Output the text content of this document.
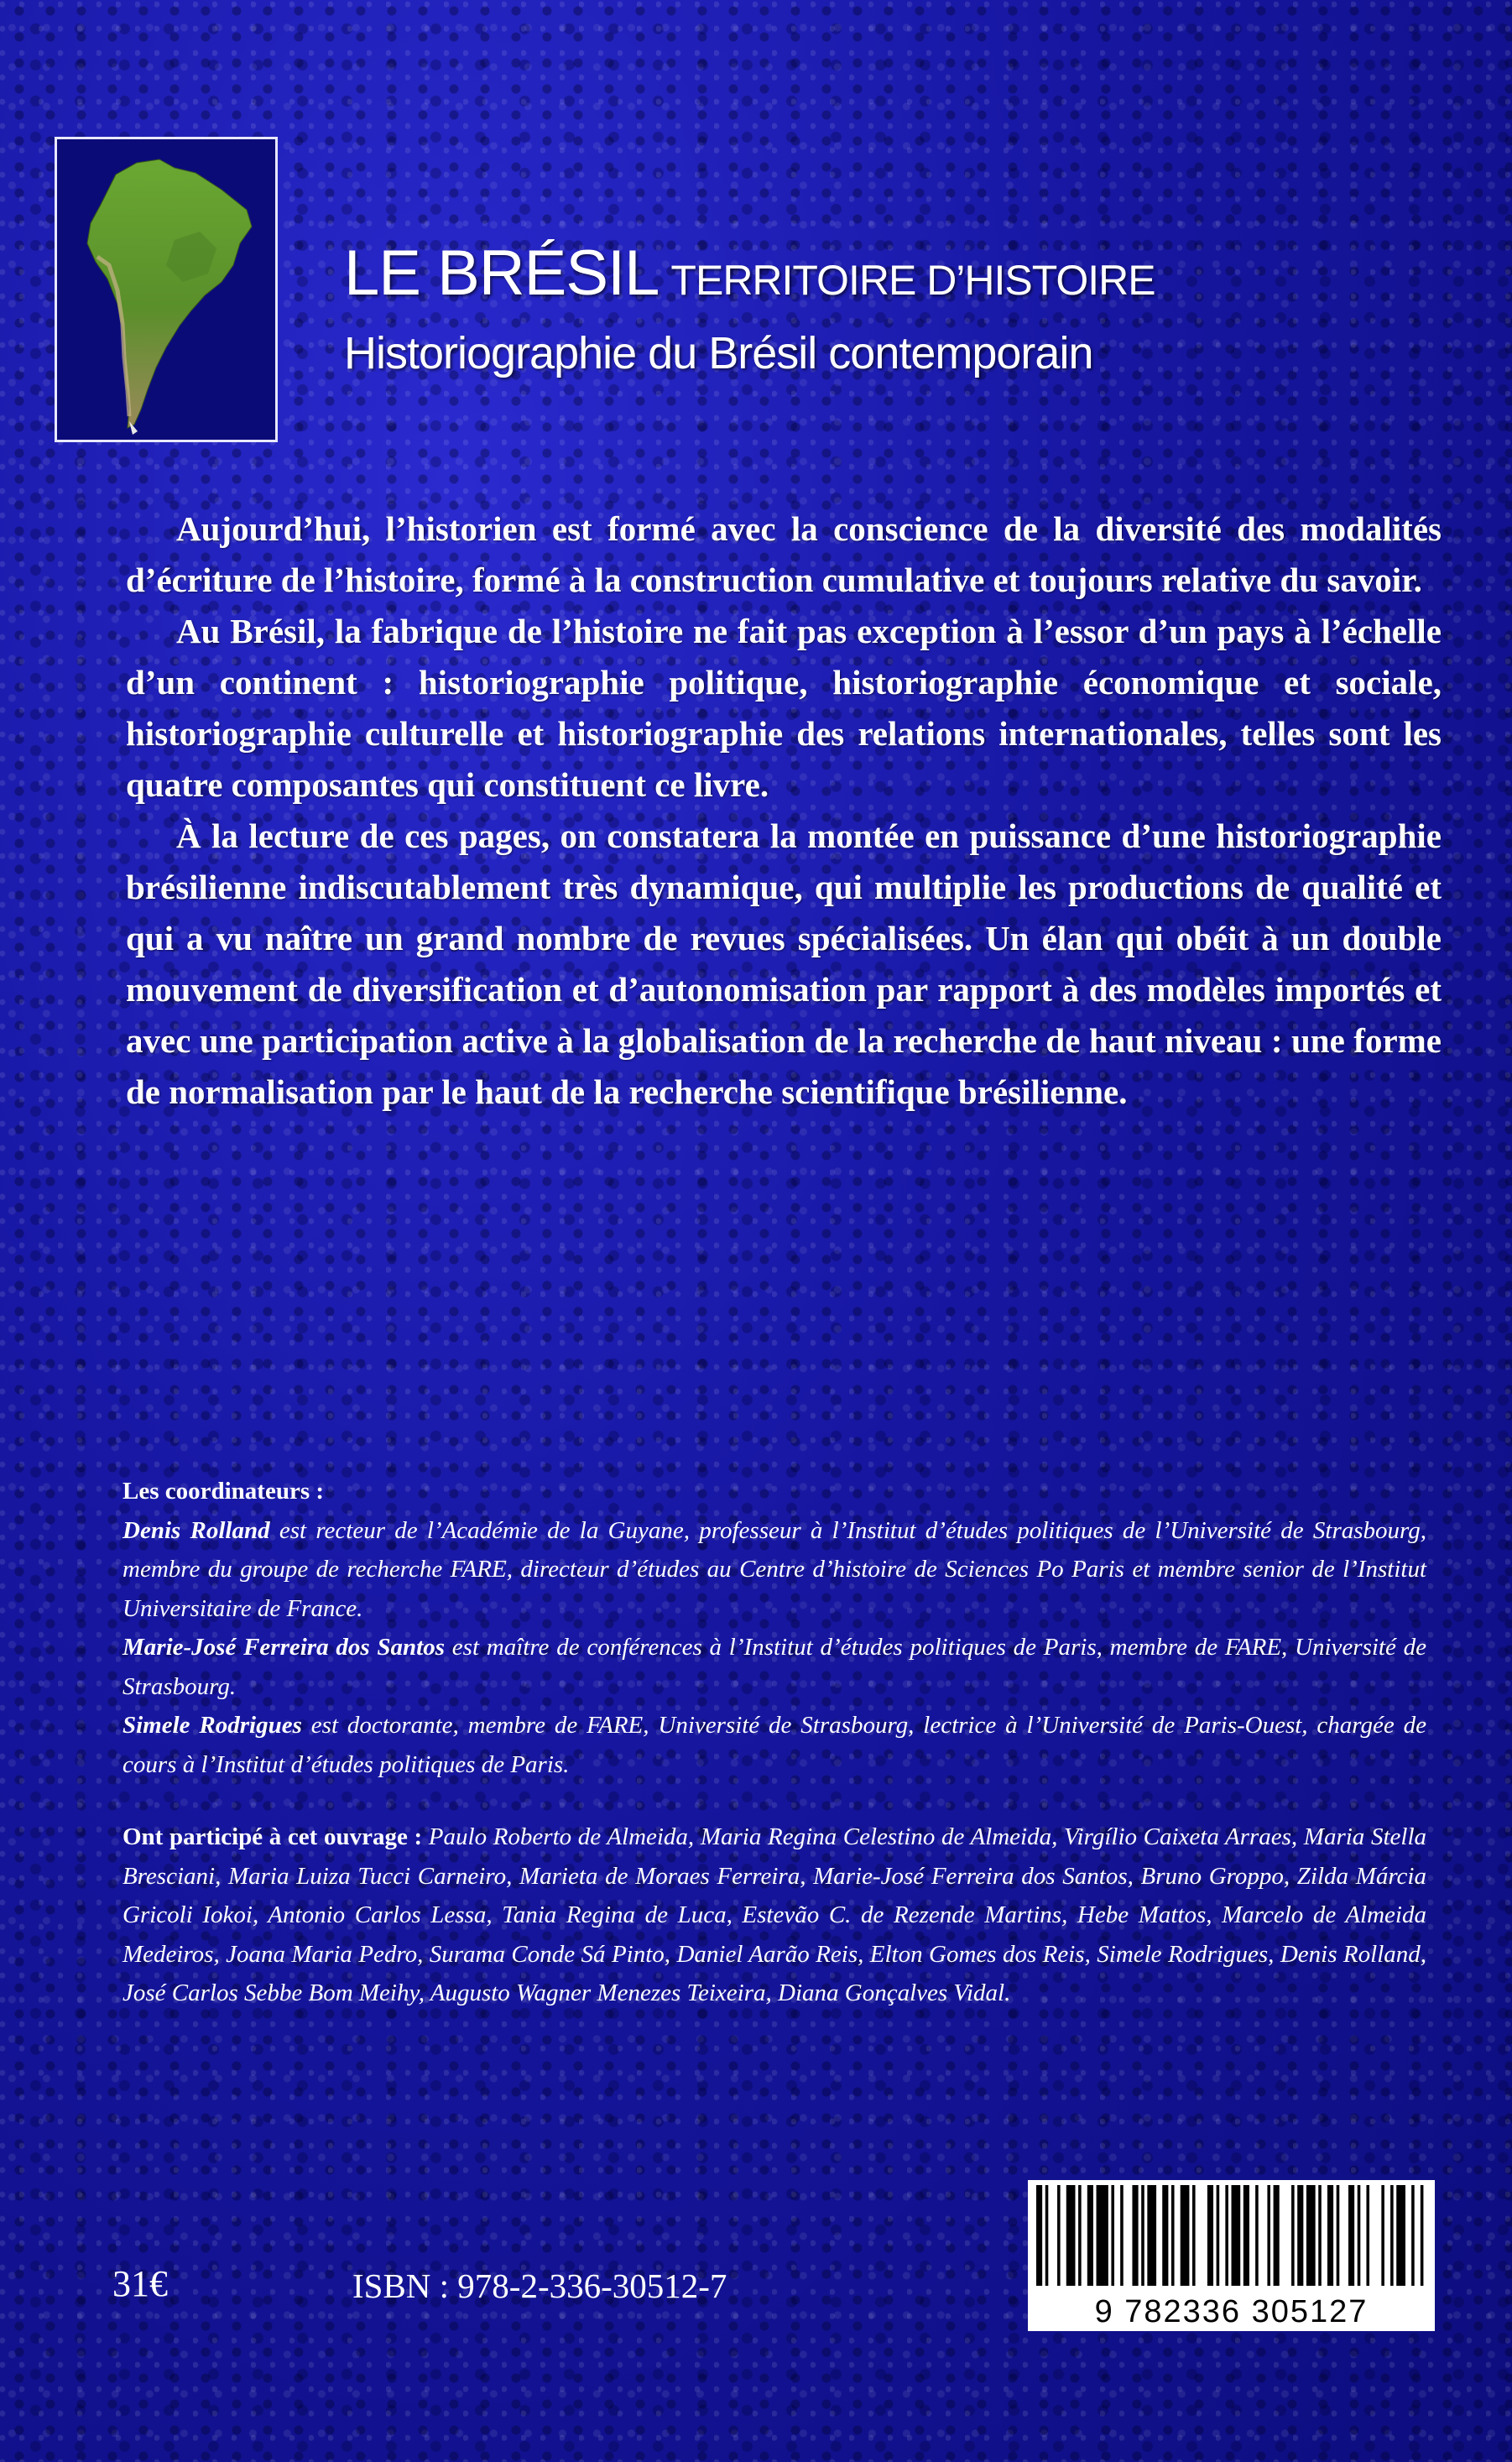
LE BRÉSIL TERRITOIRE D’HISTOIRE
Historiographie du Brésil contemporain

Aujourd’hui, l’historien est formé avec la conscience de la diversité des modalités d’écriture de l’histoire, formé à la construction cumulative et toujours relative du savoir.

Au Brésil, la fabrique de l’histoire ne fait pas exception à l’essor d’un pays à l’échelle d’un continent : historiographie politique, historiographie économique et sociale, historiographie culturelle et historiographie des relations internationales, telles sont les quatre composantes qui constituent ce livre.

À la lecture de ces pages, on constatera la montée en puissance d’une historiographie brésilienne indiscutablement très dynamique, qui multiplie les productions de qualité et qui a vu naître un grand nombre de revues spécialisées. Un élan qui obéit à un double mouvement de diversification et d’autonomisation par rapport à des modèles importés et avec une participation active à la globalisation de la recherche de haut niveau : une forme de normalisation par le haut de la recherche scientifique brésilienne.

Les coordinateurs :

Denis Rolland est recteur de l’Académie de la Guyane, professeur à l’Institut d’études politiques de l’Université de Strasbourg, membre du groupe de recherche FARE, directeur d’études au Centre d’histoire de Sciences Po Paris et membre senior de l’Institut Universitaire de France.

Marie-José Ferreira dos Santos est maître de conférences à l’Institut d’études politiques de Paris, membre de FARE, Université de Strasbourg.

Simele Rodrigues est doctorante, membre de FARE, Université de Strasbourg, lectrice à l’Université de Paris-Ouest, chargée de cours à l’Institut d’études politiques de Paris.

Ont participé à cet ouvrage : Paulo Roberto de Almeida, Maria Regina Celestino de Almeida, Virgílio Caixeta Arraes, Maria Stella Bresciani, Maria Luiza Tucci Carneiro, Marieta de Moraes Ferreira, Marie-José Ferreira dos Santos, Bruno Groppo, Zilda Márcia Gricoli Iokoi, Antonio Carlos Lessa, Tania Regina de Luca, Estevão C. de Rezende Martins, Hebe Mattos, Marcelo de Almeida Medeiros, Joana Maria Pedro, Surama Conde Sá Pinto, Daniel Aarão Reis, Elton Gomes dos Reis, Simele Rodrigues, Denis Rolland, José Carlos Sebbe Bom Meihy, Augusto Wagner Menezes Teixeira, Diana Gonçalves Vidal.

31€	ISBN : 978-2-336-30512-7
9 782336 305127
